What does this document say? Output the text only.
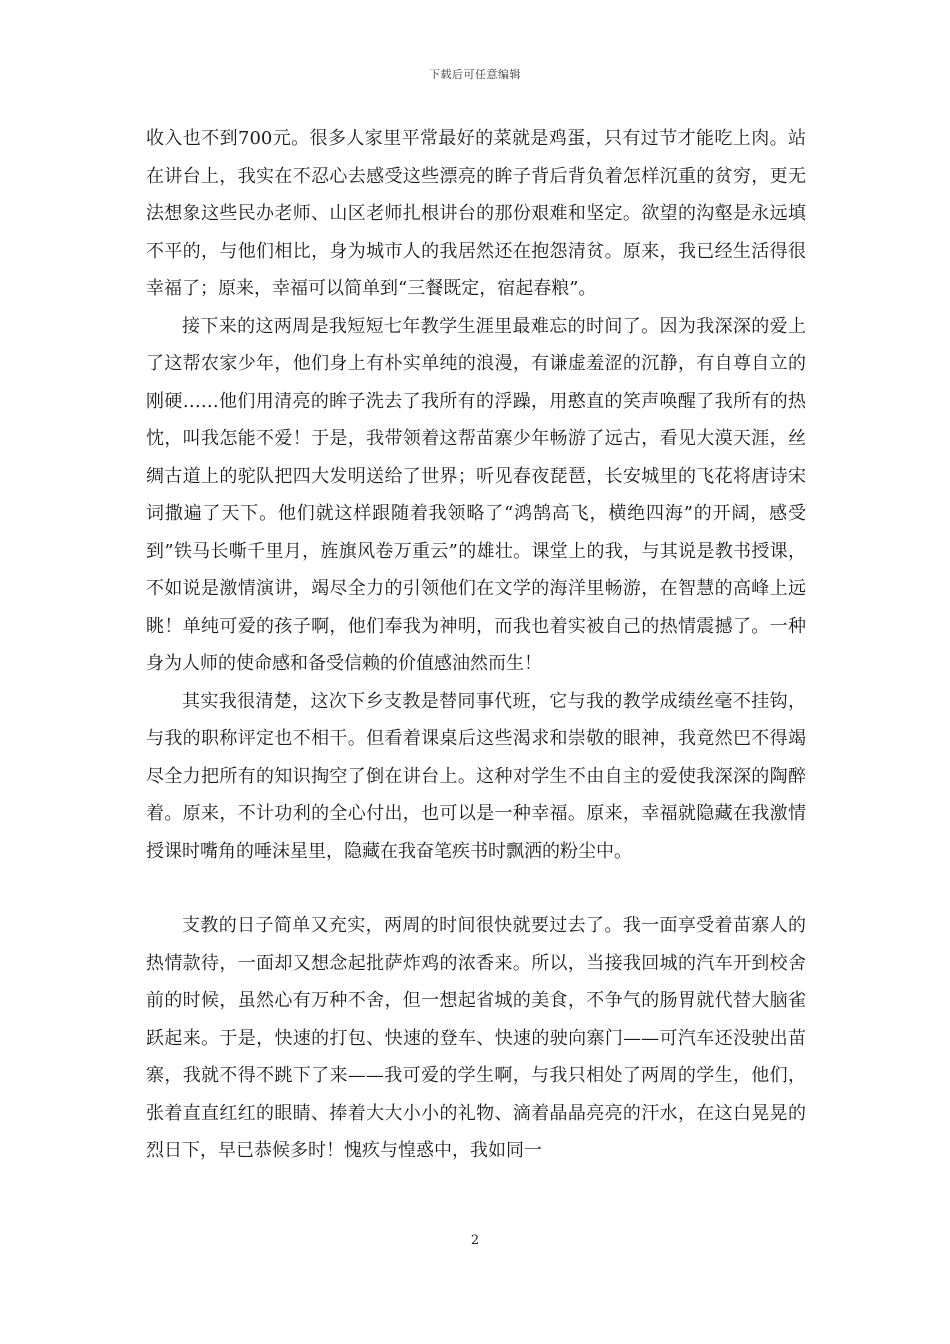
下载后可任意编辑

收入也不到700元。很多人家里平常最好的菜就是鸡蛋，只有过节才能吃上肉。站在讲台上，我实在不忍心去感受这些漂亮的眸子背后背负着怎样沉重的贫穷，更无法想象这些民办老师、山区老师扎根讲台的那份艰难和坚定。欲望的沟壑是永远填不平的，与他们相比，身为城市人的我居然还在抱怨清贫。原来，我已经生活得很幸福了；原来，幸福可以简单到“三餐既定，宿起春粮”。

接下来的这两周是我短短七年教学生涯里最难忘的时间了。因为我深深的爱上了这帮农家少年，他们身上有朴实单纯的浪漫，有谦虚羞涩的沉静，有自尊自立的刚硬……他们用清亮的眸子洗去了我所有的浮躁，用憨直的笑声唤醒了我所有的热忱，叫我怎能不爱！于是，我带领着这帮苗寨少年畅游了远古，看见大漠天涯，丝绸古道上的驼队把四大发明送给了世界；听见春夜琵琶，长安城里的飞花将唐诗宋词撒遍了天下。他们就这样跟随着我领略了“鸿鹄高飞，横绝四海”的开阔，感受到”铁马长嘶千里月，旌旗风卷万重云”的雄壮。课堂上的我，与其说是教书授课，不如说是激情演讲，竭尽全力的引领他们在文学的海洋里畅游，在智慧的高峰上远眺！单纯可爱的孩子啊，他们奉我为神明，而我也着实被自己的热情震撼了。一种身为人师的使命感和备受信赖的价值感油然而生！

其实我很清楚，这次下乡支教是替同事代班，它与我的教学成绩丝毫不挂钩，与我的职称评定也不相干。但看着课桌后这些渴求和崇敬的眼神，我竟然巴不得竭尽全力把所有的知识掏空了倒在讲台上。这种对学生不由自主的爱使我深深的陶醉着。原来，不计功利的全心付出，也可以是一种幸福。原来，幸福就隐藏在我激情授课时嘴角的唾沫星里，隐藏在我奋笔疾书时飘洒的粉尘中。

支教的日子简单又充实，两周的时间很快就要过去了。我一面享受着苗寨人的热情款待，一面却又想念起批萨炸鸡的浓香来。所以，当接我回城的汽车开到校舍前的时候，虽然心有万种不舍，但一想起省城的美食，不争气的肠胃就代替大脑雀跃起来。于是，快速的打包、快速的登车、快速的驶向寨门——可汽车还没驶出苗寨，我就不得不跳下了来——我可爱的学生啊，与我只相处了两周的学生，他们，张着直直红红的眼睛、捧着大大小小的礼物、滴着晶晶亮亮的汗水，在这白晃晃的烈日下，早已恭候多时！愧疚与惶惑中，我如同一

2
